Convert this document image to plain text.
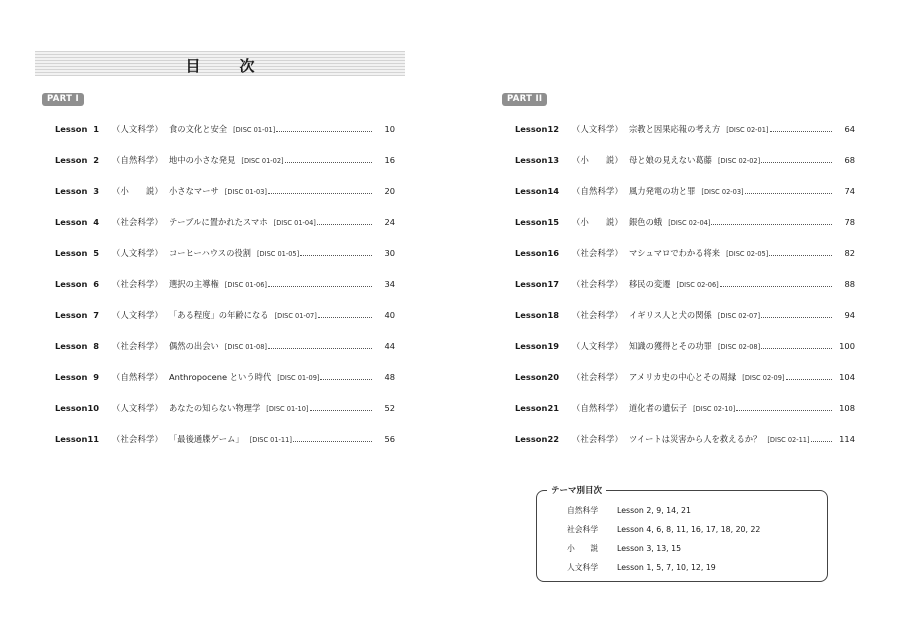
目　次
PART I	PART II
Lesson 1 （人文科学） 食の文化と安全 [DISC 01-01]	10
Lesson 2 （自然科学） 地中の小さな発見 [DISC 01-02]	16
Lesson 3 （小　　説） 小さなマーサ [DISC 01-03]	20
Lesson 4 （社会科学） テーブルに置かれたスマホ [DISC 01-04]	24
Lesson 5 （人文科学） コーヒーハウスの役割 [DISC 01-05]	30
Lesson 6 （社会科学） 選択の主導権 [DISC 01-06]	34
Lesson 7 （人文科学） 「ある程度」の年齢になる [DISC 01-07]	40
Lesson 8 （社会科学） 偶然の出会い [DISC 01-08]	44
Lesson 9 （自然科学） Anthropocene という時代 [DISC 01-09]	48
Lesson 10 （人文科学） あなたの知らない物理学 [DISC 01-10]	52
Lesson 11 （社会科学） 「最後通牒ゲーム」 [DISC 01-11]	56
Lesson 12 （人文科学） 宗教と因果応報の考え方 [DISC 02-01]	64
Lesson 13 （小　　説） 母と娘の見えない葛藤 [DISC 02-02]	68
Lesson 14 （自然科学） 風力発電の功と罪 [DISC 02-03]	74
Lesson 15 （小　　説） 銀色の蛾 [DISC 02-04]	78
Lesson 16 （社会科学） マシュマロでわかる将来 [DISC 02-05]	82
Lesson 17 （社会科学） 移民の変遷 [DISC 02-06]	88
Lesson 18 （社会科学） イギリス人と犬の関係 [DISC 02-07]	94
Lesson 19 （人文科学） 知識の獲得とその功罪 [DISC 02-08]	100
Lesson 20 （社会科学） アメリカ史の中心とその周縁 [DISC 02-09]	104
Lesson 21 （自然科学） 道化者の遺伝子 [DISC 02-10]	108
Lesson 22 （社会科学） ツイートは災害から人を救えるか？ [DISC 02-11]	114
テーマ別目次
自然科学 Lesson 2, 9, 14, 21
社会科学 Lesson 4, 6, 8, 11, 16, 17, 18, 20, 22
小　　説 Lesson 3, 13, 15
人文科学 Lesson 1, 5, 7, 10, 12, 19
